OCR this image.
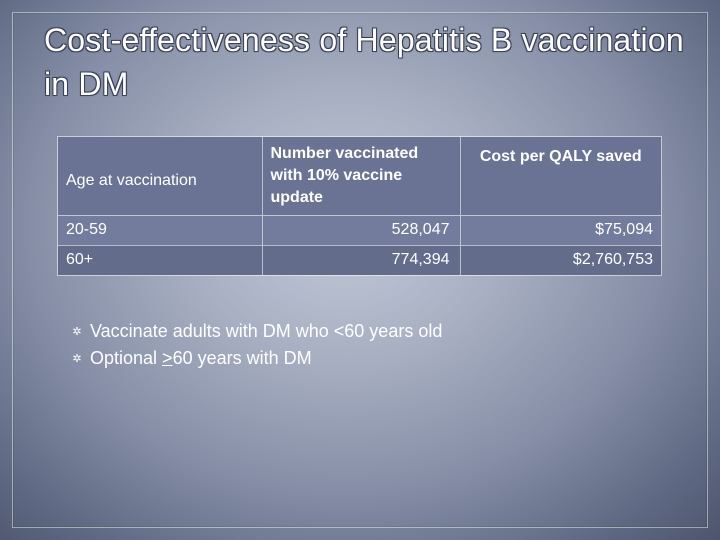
Cost-effectiveness of Hepatitis B vaccination in DM
Age at vaccination	Number vaccinated with 10% vaccine update	Cost per QALY saved
20-59	528,047	$75,094
60+	774,394	$2,760,753
✲ Vaccinate adults with DM who <60 years old
✲ Optional ≥ 60 years with DM
